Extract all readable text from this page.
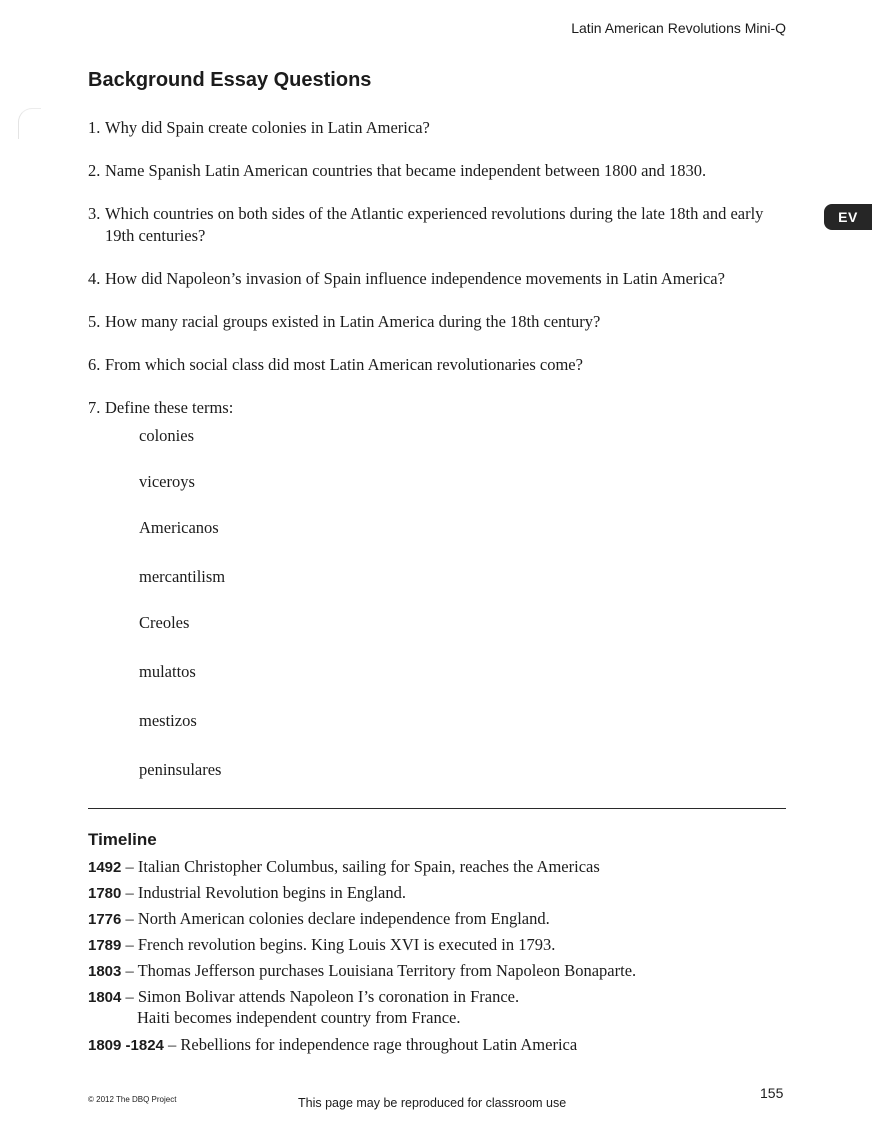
Latin American Revolutions Mini-Q
Background Essay Questions
EV
1. Why did Spain create colonies in Latin America?
2. Name Spanish Latin American countries that became independent between 1800 and 1830.
3. Which countries on both sides of the Atlantic experienced revolutions during the late 18th and early 19th centuries?
4. How did Napoleon’s invasion of Spain influence independence movements in Latin America?
5. How many racial groups existed in Latin America during the 18th century?
6. From which social class did most Latin American revolutionaries come?
7. Define these terms:
colonies
viceroys
Americanos
mercantilism
Creoles
mulattos
mestizos
peninsulares
Timeline
1492 – Italian Christopher Columbus, sailing for Spain, reaches the Americas
1780 – Industrial Revolution begins in England.
1776 – North American colonies declare independence from England.
1789 – French revolution begins. King Louis XVI is executed in 1793.
1803 – Thomas Jefferson purchases Louisiana Territory from Napoleon Bonaparte.
1804 – Simon Bolivar attends Napoleon I’s coronation in France.
Haiti becomes independent country from France.
1809 -1824 – Rebellions for independence rage throughout Latin America
© 2012 The DBQ Project	This page may be reproduced for classroom use
155
